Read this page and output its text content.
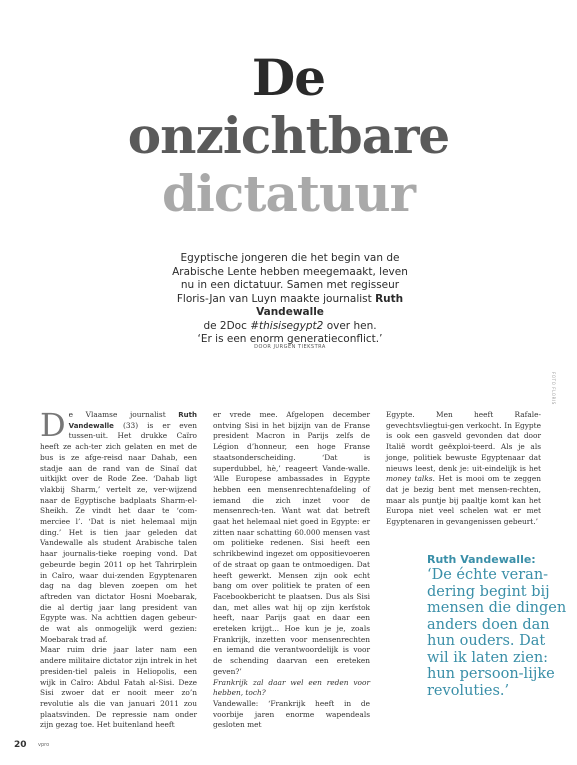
De
onzichtbare
dictatuur
Egyptische jongeren die het begin van de
Arabische Lente hebben meegemaakt, leven
nu in een dictatuur. Samen met regisseur
Floris-Jan van Luyn maakte journalist Ruth Vandewalle
de 2Doc #thisisegypt2 over hen.
‘Er is een enorm generatieconflict.’
DOOR JURGEN TIEKSTRA
FOTO FLORIS

De Vlaamse journalist Ruth Vandewalle (33) is er even tussen-uit. Het drukke Caïro heeft ze ach-ter zich gelaten en met de bus is ze afge-reisd naar Dahab, een stadje aan de rand van de Sinaï dat uitkijkt over de Rode Zee. ‘Dahab ligt vlakbij Sharm,’ vertelt ze, ver-wijzend naar de Egyptische badplaats Sharm-el-Sheikh. Ze vindt het daar te ‘com-merciee l’. ‘Dat is niet helemaal mijn ding.’ Het is tien jaar geleden dat Vandewalle als student Arabische talen haar journalis-tieke roeping vond. Dat gebeurde begin 2011 op het Tahrirplein in Caïro, waar dui-zenden Egyptenaren dag na dag bleven zoepen om het aftreden van dictator Hosni Moebarak, die al dertig jaar lang president van Egypte was. Na achttien dagen gebeur-de wat als onmogelijk werd gezien: Moebarak trad af.

Maar ruim drie jaar later nam een andere militaire dictator zijn intrek in het presiden-tiel paleis in Heliopolis, een wijk in Caïro: Abdul Fatah al-Sisi. Deze Sisi zwoer dat er nooit meer zo’n revolutie als die van januari 2011 zou plaatsvinden. De repressie nam onder zijn gezag toe. Het buitenland heeft

er vrede mee. Afgelopen december ontving Sisi in het bijzijn van de Franse president Macron in Parijs zelfs de Légion d’honneur, een hoge Franse staatsonderscheiding. ‘Dat is superdubbel, hè,’ reageert Vande-walle. ‘Alle Europese ambassades in Egypte hebben een mensenrechtenafdeling of iemand die zich inzet voor de mensenrech-ten. Want wat dat betreft gaat het helemaal niet goed in Egypte: er zitten naar schatting 60.000 mensen vast om politieke redenen. Sisi heeft een schrikbewind ingezet om oppositievoeren of de straat op gaan te ontmoedigen. Dat heeft gewerkt. Mensen zijn ook echt bang om over politiek te praten of een Facebookbericht te plaatsen. Dus als Sisi dan, met alles wat hij op zijn kerfstok heeft, naar Parijs gaat en daar een ereteken krijgt... Hoe kun je je, zoals Frankrijk, inzetten voor mensenrechten en iemand die verantwoordelijk is voor de schending daarvan een ereteken geven?’

Frankrijk zal daar wel een reden voor hebben, toch?

Vandewalle: ‘Frankrijk heeft in de voorbije jaren enorme wapendeals gesloten met

Egypte. Men heeft Rafale-gevechtsvliegtui-gen verkocht. In Egypte is ook een gasveld gevonden dat door Italië wordt geëxploi-teerd. Als je als jonge, politiek bewuste Egyptenaar dat nieuws leest, denk je: uit-eindelijk is het money talks. Het is mooi om te zeggen dat je bezig bent met mensen-rechten, maar als puntje bij paaltje komt kan het Europa niet veel schelen wat er met Egyptenaren in gevangenissen gebeurt.’

Ruth Vandewalle:
‘De échte veran-dering begint bij mensen die dingen anders doen dan hun ouders. Dat wil ik laten zien: hun persoon-lijke revoluties.’
20 vpro
